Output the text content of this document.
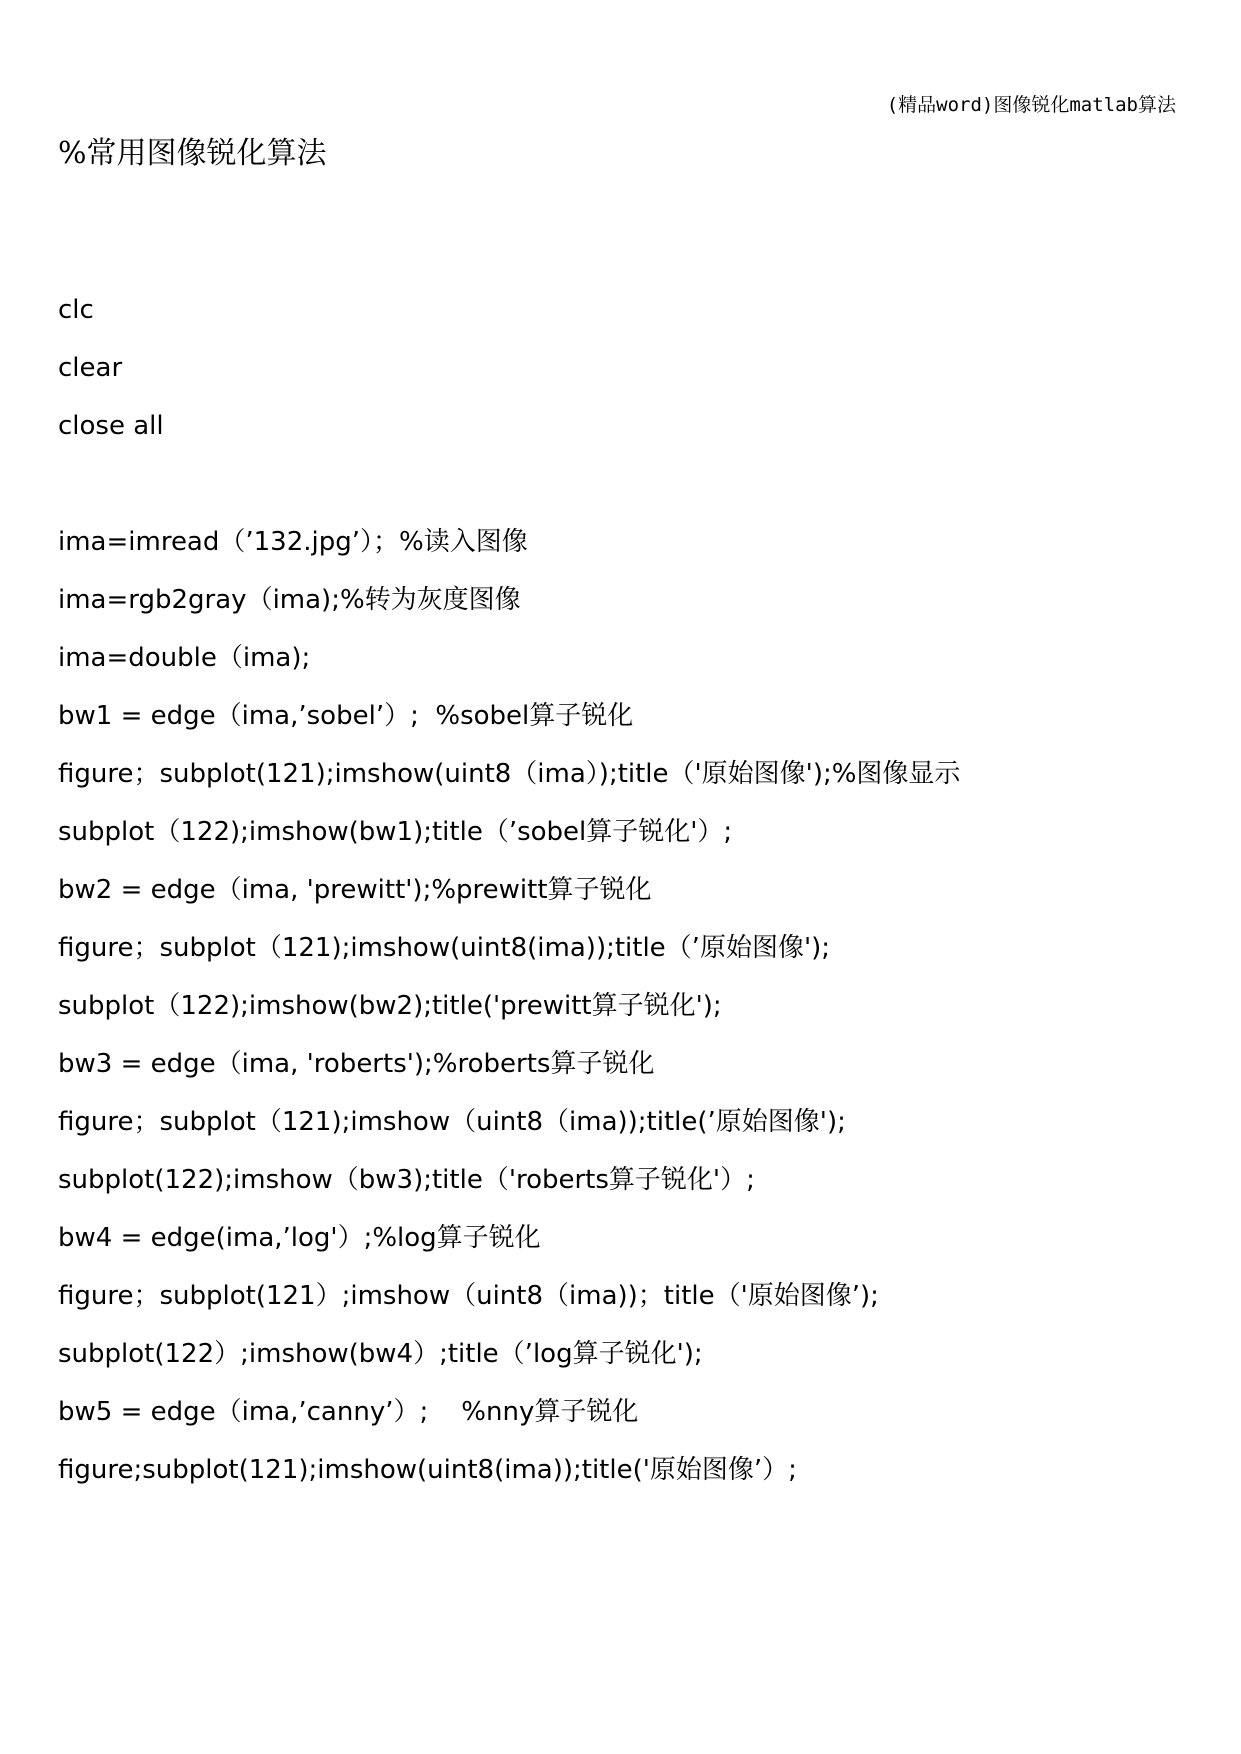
(精品word)图像锐化matlab算法
%常用图像锐化算法
clc
clear
close all
ima=imread（’132.jpg’）；%读入图像
ima=rgb2gray（ima);%转为灰度图像
ima=double（ima);
bw1 = edge（ima,’sobel’）;  %sobel算子锐化
figure；subplot(121);imshow(uint8（ima）);title（'原始图像');%图像显示
subplot（122);imshow(bw1);title（’sobel算子锐化'）;
bw2 = edge（ima, 'prewitt');%prewitt算子锐化
figure；subplot（121);imshow(uint8(ima));title（’原始图像');
subplot（122);imshow(bw2);title('prewitt算子锐化');
bw3 = edge（ima, 'roberts');%roberts算子锐化
figure；subplot（121);imshow（uint8（ima));title(’原始图像');
subplot(122);imshow（bw3);title（'roberts算子锐化'）;
bw4 = edge(ima,’log'）;%log算子锐化
figure；subplot(121）;imshow（uint8（ima))；title（'原始图像’);
subplot(122）;imshow(bw4）;title（’log算子锐化');
bw5 = edge（ima,’canny’）;    %nny算子锐化
figure;subplot(121);imshow(uint8(ima));title('原始图像’）;
